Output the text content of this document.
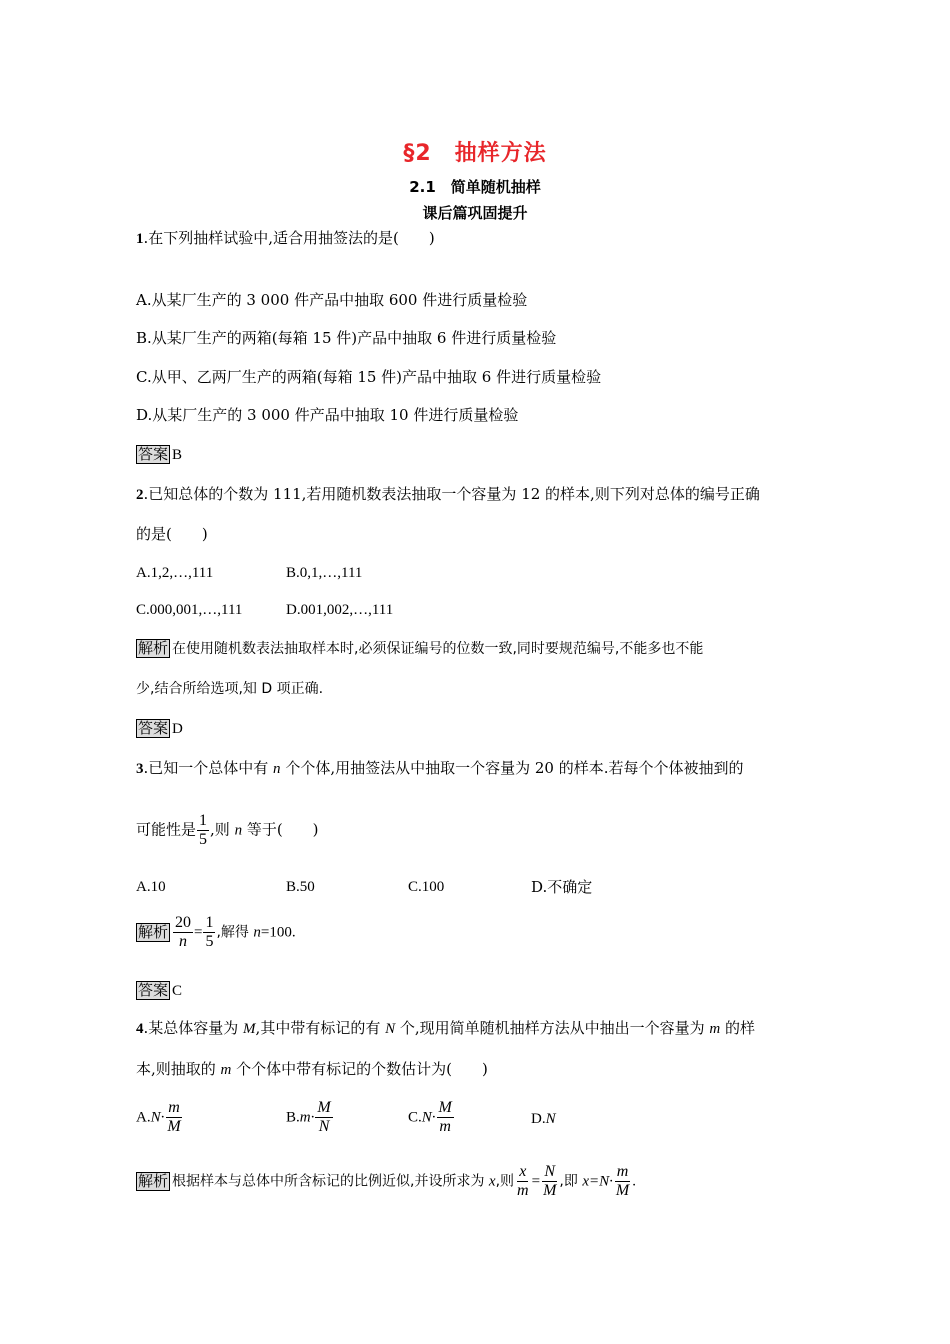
§2　抽样方法
2.1　简单随机抽样
课后篇巩固提升
1.在下列抽样试验中,适合用抽签法的是(　　)
A.从某厂生产的 3 000 件产品中抽取 600 件进行质量检验
B.从某厂生产的两箱(每箱 15 件)产品中抽取 6 件进行质量检验
C.从甲、乙两厂生产的两箱(每箱 15 件)产品中抽取 6 件进行质量检验
D.从某厂生产的 3 000 件产品中抽取 10 件进行质量检验
答案 B
2.已知总体的个数为 111,若用随机数表法抽取一个容量为 12 的样本,则下列对总体的编号正确
的是(　　)
A.1,2,…,111	B.0,1,…,111
C.000,001,…,111	D.001,002,…,111
解析 在使用随机数表法抽取样本时,必须保证编号的位数一致,同时要规范编号,不能多也不能
少,结合所给选项,知 D 项正确.
答案 D
3.已知一个总体中有 n 个个体,用抽签法从中抽取一个容量为 20 的样本.若每个个体被抽到的
可能性是 $\frac{1}{5}$ ,则 n 等于(　　)
A.10	B.50	C.100	D.不确定
解析 $\frac{20}{n} = \frac{1}{5}$ ,解得 n=100.
答案 C
4.某总体容量为 M,其中带有标记的有 N 个,现用简单随机抽样方法从中抽出一个容量为 m 的样
本,则抽取的 m 个个体中带有标记的个数估计为(　　)
$A.N\cdot \frac{m}{M}$	$B.m\cdot \frac{M}{N}$	$C.N\cdot \frac{M}{m}$	D.N
解析 根据样本与总体中所含标记的比例近似,并设所求为 x,则 $\frac{x}{m} = \frac{N}{M}$ ,即 $x=N\cdot \frac{m}{M}$ .
